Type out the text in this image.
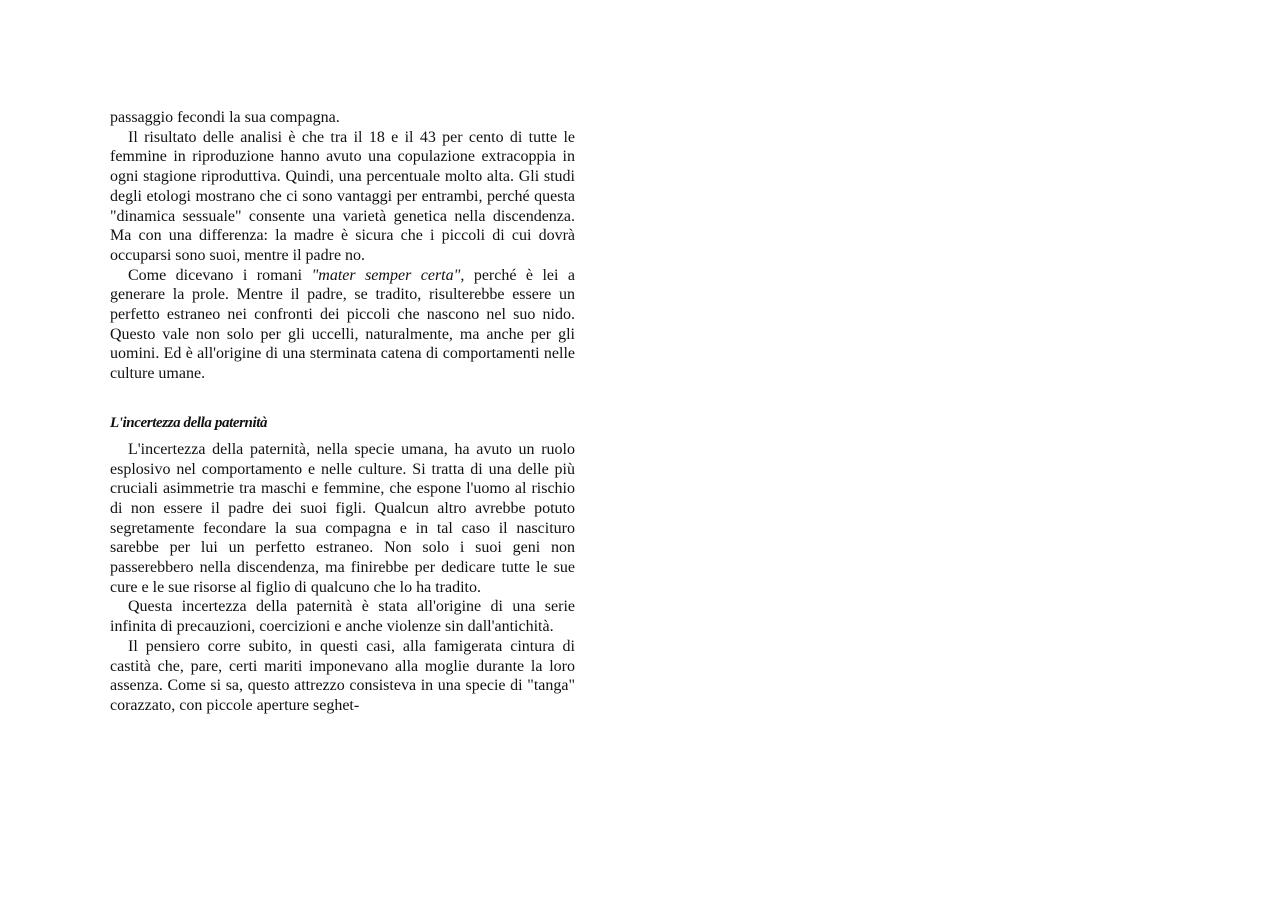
passaggio fecondi la sua compagna.

Il risultato delle analisi è che tra il 18 e il 43 per cento di tutte le femmine in riproduzione hanno avuto una copulazione extracoppia in ogni stagione riproduttiva. Quindi, una percentuale molto alta. Gli studi degli etologi mostrano che ci sono vantaggi per entrambi, perché questa "dinamica sessuale" consente una varietà genetica nella discendenza. Ma con una differenza: la madre è sicura che i piccoli di cui dovrà occuparsi sono suoi, mentre il padre no.

Come dicevano i romani "mater semper certa", perché è lei a generare la prole. Mentre il padre, se tradito, risulterebbe essere un perfetto estraneo nei confronti dei piccoli che nascono nel suo nido. Questo vale non solo per gli uccelli, naturalmente, ma anche per gli uomini. Ed è all'origine di una sterminata catena di comportamenti nelle culture umane.

L'incertezza della paternità

L'incertezza della paternità, nella specie umana, ha avuto un ruolo esplosivo nel comportamento e nelle culture. Si tratta di una delle più cruciali asimmetrie tra maschi e femmine, che espone l'uomo al rischio di non essere il padre dei suoi figli. Qualcun altro avrebbe potuto segretamente fecondare la sua compagna e in tal caso il nascituro sarebbe per lui un perfetto estraneo. Non solo i suoi geni non passerebbero nella discendenza, ma finirebbe per dedicare tutte le sue cure e le sue risorse al figlio di qualcuno che lo ha tradito.

Questa incertezza della paternità è stata all'origine di una serie infinita di precauzioni, coercizioni e anche violenze sin dall'antichità.

Il pensiero corre subito, in questi casi, alla famigerata cintura di castità che, pare, certi mariti imponevano alla moglie durante la loro assenza. Come si sa, questo attrezzo consisteva in una specie di "tanga" corazzato, con piccole aperture seghet-
